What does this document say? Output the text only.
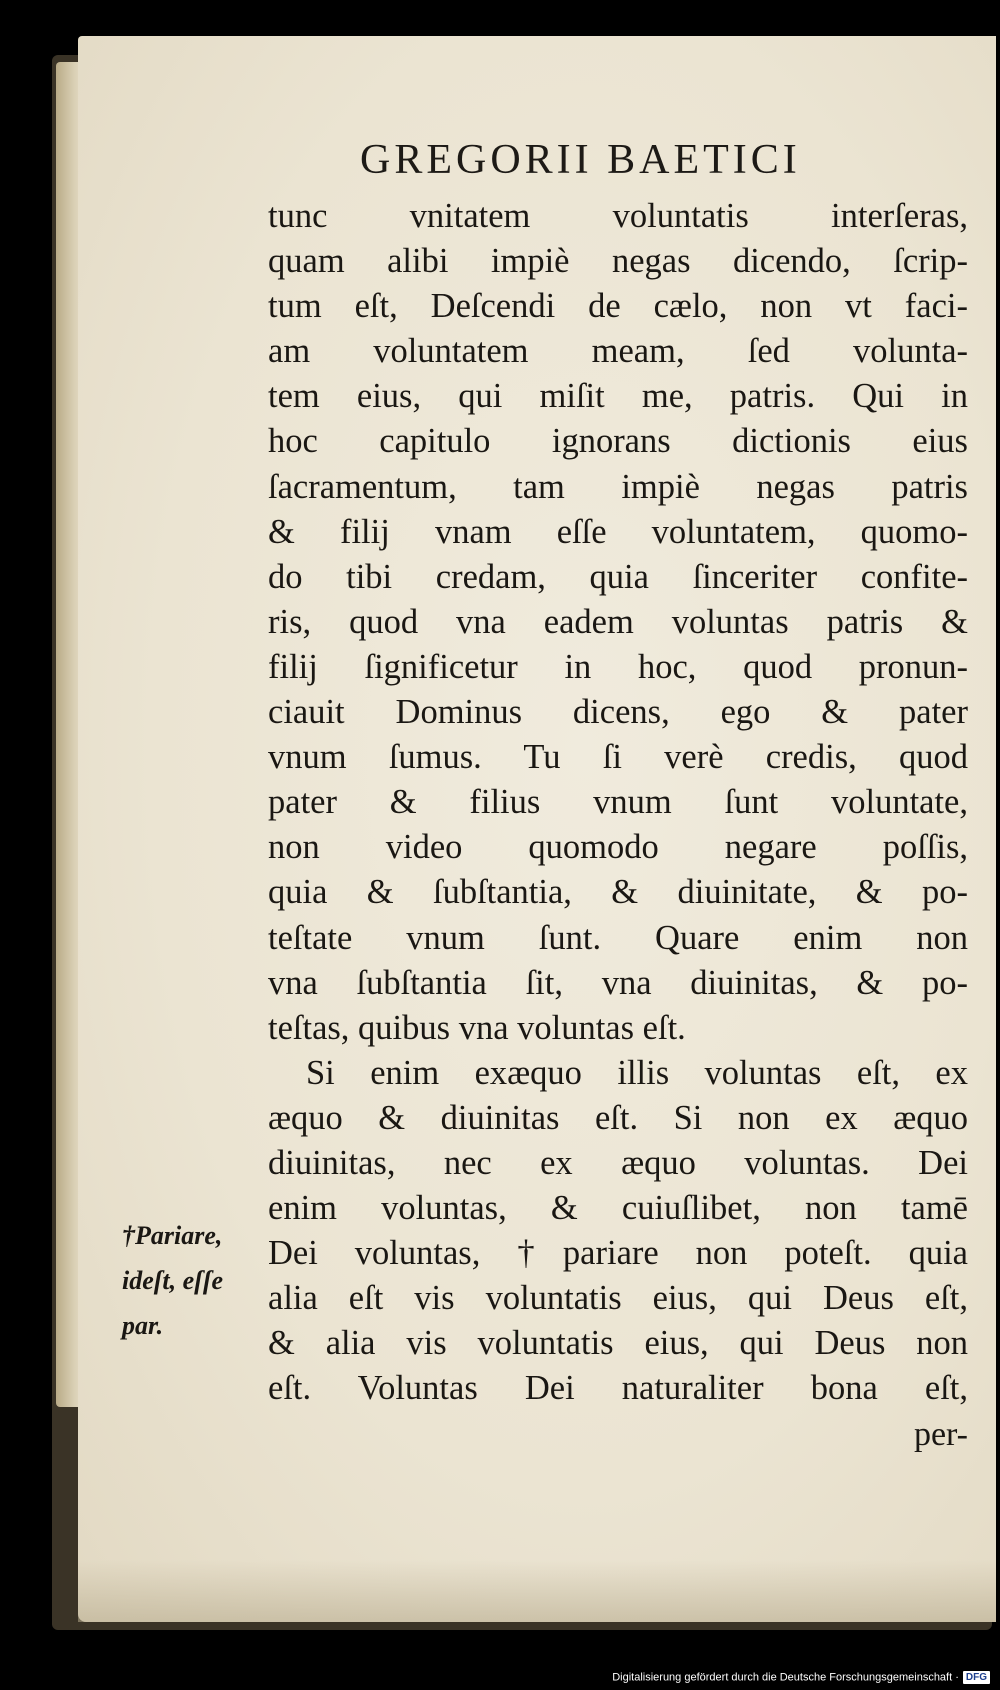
GREGORII BAETICI
tunc vnitatem voluntatis interſeras,
quam alibi impiè negas dicendo, ſcrip-
tum eſt, Deſcendi de cælo, non vt faci-
am voluntatem meam, ſed volunta-
tem eius, qui miſit me, patris. Qui in
hoc capitulo ignorans dictionis eius
ſacramentum, tam impiè negas patris
& filij vnam eſſe voluntatem, quomo-
do tibi credam, quia ſinceriter confite-
ris, quod vna eadem voluntas patris &
filij ſignificetur in hoc, quod pronun-
ciauit Dominus dicens, ego & pater
vnum ſumus. Tu ſi verè credis, quod
pater & filius vnum ſunt voluntate,
non video quomodo negare poſſis,
quia & ſubſtantia, & diuinitate, & po-
teſtate vnum ſunt. Quare enim non
vna ſubſtantia ſit, vna diuinitas, & po-
teſtas, quibus vna voluntas eſt.
Si enim exæquo illis voluntas eſt, ex
æquo & diuinitas eſt. Si non ex æquo
diuinitas, nec ex æquo voluntas. Dei
enim voluntas, & cuiuſlibet, non tamē
Dei voluntas, †pariare non poteſt. quia
alia eſt vis voluntatis eius, qui Deus eſt,
& alia vis voluntatis eius, qui Deus non
eſt. Voluntas Dei naturaliter bona eſt,
per-
†Pariare,
ideſt, eſſe
par.
Digitalisierung gefördert durch die Deutsche Forschungsgemeinschaft · DFG
